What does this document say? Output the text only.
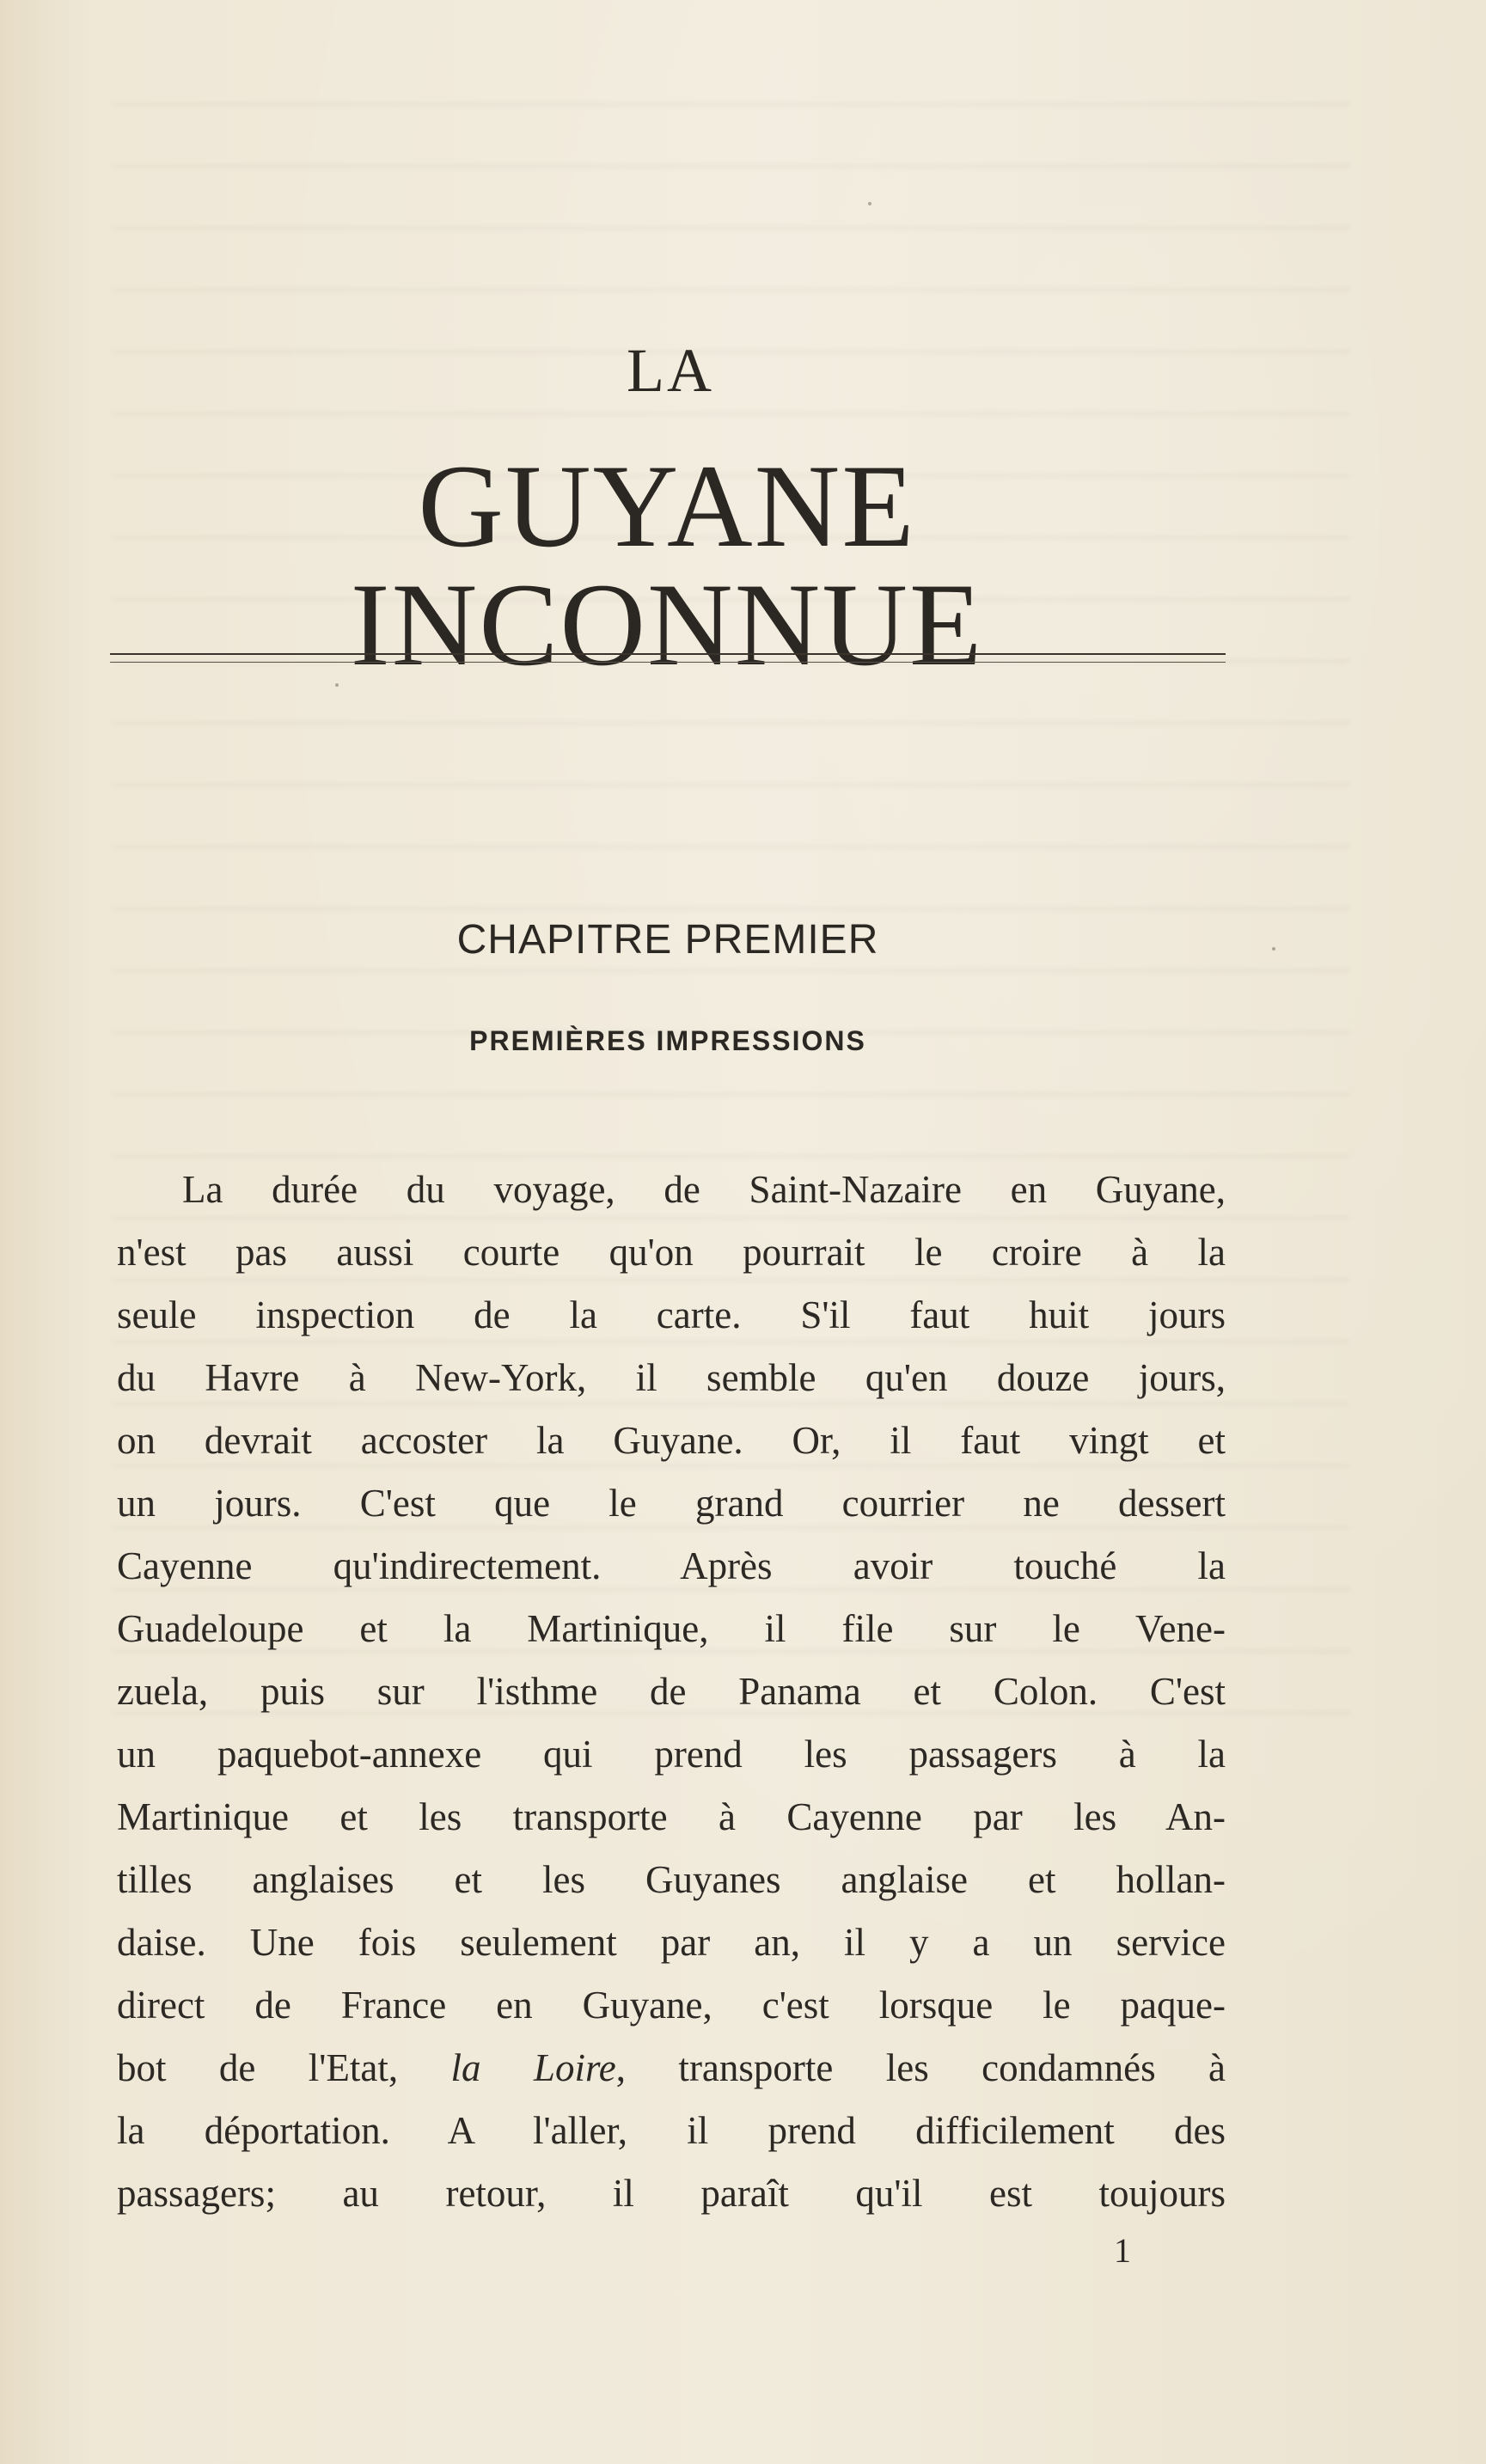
LA
GUYANE INCONNUE
CHAPITRE PREMIER
PREMIÈRES IMPRESSIONS
La durée du voyage, de Saint-Nazaire en Guyane,
n'est pas aussi courte qu'on pourrait le croire à la
seule inspection de la carte. S'il faut huit jours
du Havre à New-York, il semble qu'en douze jours,
on devrait accoster la Guyane. Or, il faut vingt et
un jours. C'est que le grand courrier ne dessert
Cayenne qu'indirectement. Après avoir touché la
Guadeloupe et la Martinique, il file sur le Vene-
zuela, puis sur l'isthme de Panama et Colon. C'est
un paquebot-annexe qui prend les passagers à la
Martinique et les transporte à Cayenne par les An-
tilles anglaises et les Guyanes anglaise et hollan-
daise. Une fois seulement par an, il y a un service
direct de France en Guyane, c'est lorsque le paque-
bot de l'Etat, la Loire, transporte les condamnés à
la déportation. A l'aller, il prend difficilement des
passagers; au retour, il paraît qu'il est toujours
1
